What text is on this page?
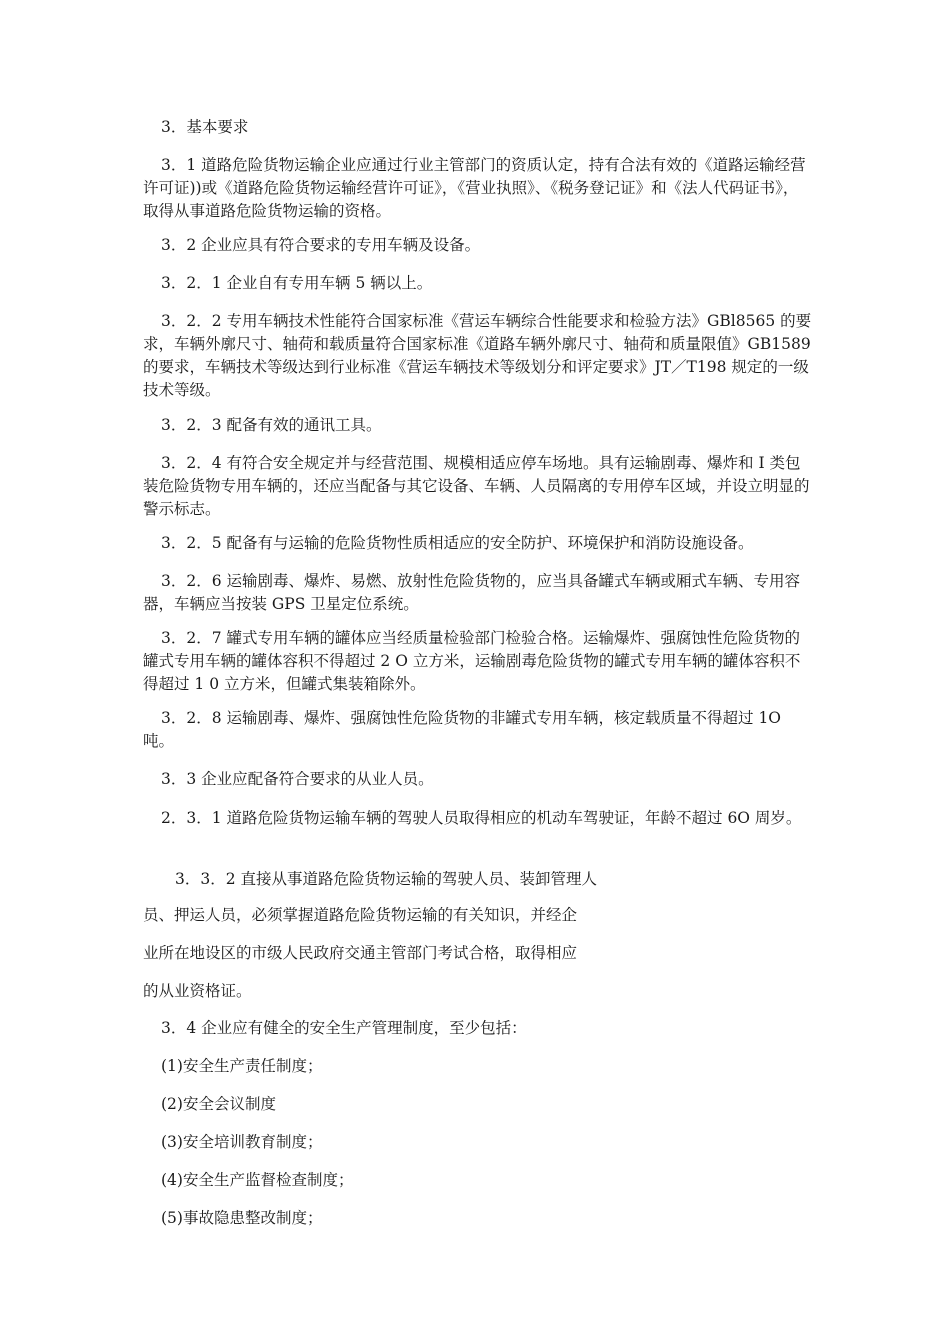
3．基本要求
3．1 道路危险货物运输企业应通过行业主管部门的资质认定，持有合法有效的《道路运输经营许可证))或《道路危险货物运输经营许可证》，《营业执照》、《税务登记证》和《法人代码证书》，取得从事道路危险货物运输的资格。
3．2 企业应具有符合要求的专用车辆及设备。
3．2．1 企业自有专用车辆 5 辆以上。
3．2．2 专用车辆技术性能符合国家标准《营运车辆综合性能要求和检验方法》GBl8565 的要求，车辆外廓尺寸、轴荷和载质量符合国家标准《道路车辆外廓尺寸、轴荷和质量限值》GB1589 的要求，车辆技术等级达到行业标准《营运车辆技术等级划分和评定要求》JT／T198 规定的一级技术等级。
3．2．3 配备有效的通讯工具。
3．2．4 有符合安全规定并与经营范围、规模相适应停车场地。具有运输剧毒、爆炸和 I 类包装危险货物专用车辆的，还应当配备与其它设备、车辆、人员隔离的专用停车区域，并设立明显的警示标志。
3．2．5 配备有与运输的危险货物性质相适应的安全防护、环境保护和消防设施设备。
3．2．6 运输剧毒、爆炸、易燃、放射性危险货物的，应当具备罐式车辆或厢式车辆、专用容器，车辆应当按装 GPS 卫星定位系统。
3．2．7 罐式专用车辆的罐体应当经质量检验部门检验合格。运输爆炸、强腐蚀性危险货物的罐式专用车辆的罐体容积不得超过 2 O 立方米，运输剧毒危险货物的罐式专用车辆的罐体容积不得超过 1 0 立方米，但罐式集装箱除外。
3．2．8 运输剧毒、爆炸、强腐蚀性危险货物的非罐式专用车辆，核定载质量不得超过 1O 吨。
3．3 企业应配备符合要求的从业人员。
2．3．1 道路危险货物运输车辆的驾驶人员取得相应的机动车驾驶证，年龄不超过 6O 周岁。
3．3．2 直接从事道路危险货物运输的驾驶人员、装卸管理人
员、押运人员，必须掌握道路危险货物运输的有关知识，并经企
业所在地设区的市级人民政府交通主管部门考试合格，取得相应
的从业资格证。
3．4 企业应有健全的安全生产管理制度，至少包括：
(1)安全生产责任制度；
(2)安全会议制度
(3)安全培训教育制度；
(4)安全生产监督检查制度；
(5)事故隐患整改制度；
